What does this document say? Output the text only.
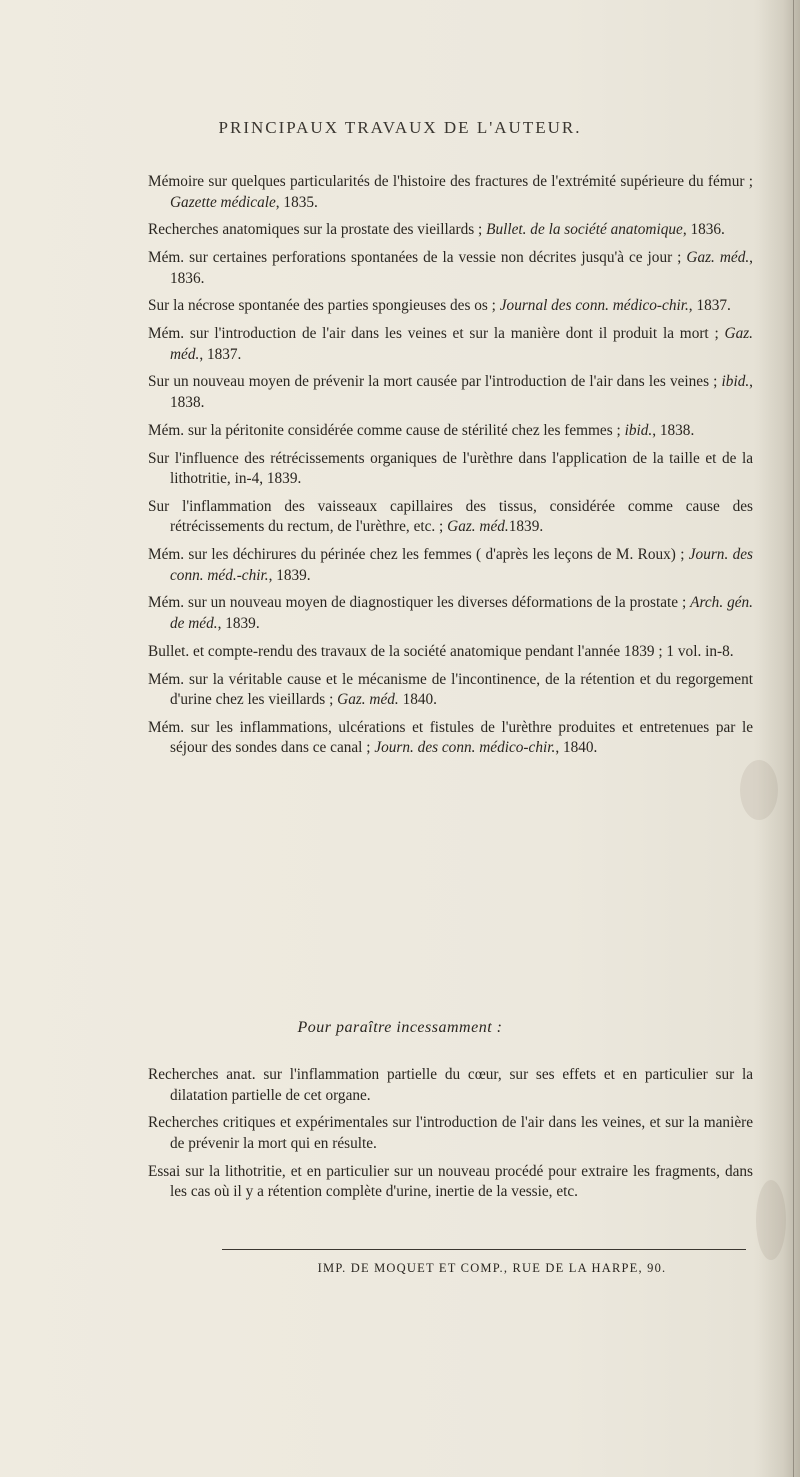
PRINCIPAUX TRAVAUX DE L'AUTEUR.

Mémoire sur quelques particularités de l'histoire des fractures de l'extrémité supérieure du fémur ; Gazette médicale, 1835.

Recherches anatomiques sur la prostate des vieillards ; Bullet. de la société anatomique, 1836.

Mém. sur certaines perforations spontanées de la vessie non décrites jusqu'à ce jour ; Gaz. méd., 1836.

Sur la nécrose spontanée des parties spongieuses des os ; Journal des conn. médico-chir., 1837.

Mém. sur l'introduction de l'air dans les veines et sur la manière dont il produit la mort ; Gaz. méd., 1837.

Sur un nouveau moyen de prévenir la mort causée par l'introduction de l'air dans les veines ; ibid., 1838.

Mém. sur la péritonite considérée comme cause de stérilité chez les femmes ; ibid., 1838.

Sur l'influence des rétrécissements organiques de l'urèthre dans l'application de la taille et de la lithotritie, in-4, 1839.

Sur l'inflammation des vaisseaux capillaires des tissus, considérée comme cause des rétrécissements du rectum, de l'urèthre, etc. ; Gaz. méd.1839.

Mém. sur les déchirures du périnée chez les femmes ( d'après les leçons de M. Roux) ; Journ. des conn. méd.-chir., 1839.

Mém. sur un nouveau moyen de diagnostiquer les diverses déformations de la prostate ; Arch. gén. de méd., 1839.

Bullet. et compte-rendu des travaux de la société anatomique pendant l'année 1839 ; 1 vol. in-8.

Mém. sur la véritable cause et le mécanisme de l'incontinence, de la rétention et du regorgement d'urine chez les vieillards ; Gaz. méd. 1840.

Mém. sur les inflammations, ulcérations et fistules de l'urèthre produites et entretenues par le séjour des sondes dans ce canal ; Journ. des conn. médico-chir., 1840.

Pour paraître incessamment :

Recherches anat. sur l'inflammation partielle du cœur, sur ses effets et en particulier sur la dilatation partielle de cet organe.

Recherches critiques et expérimentales sur l'introduction de l'air dans les veines, et sur la manière de prévenir la mort qui en résulte.

Essai sur la lithotritie, et en particulier sur un nouveau procédé pour extraire les fragments, dans les cas où il y a rétention complète d'urine, inertie de la vessie, etc.

IMP. DE MOQUET ET COMP., RUE DE LA HARPE, 90.
